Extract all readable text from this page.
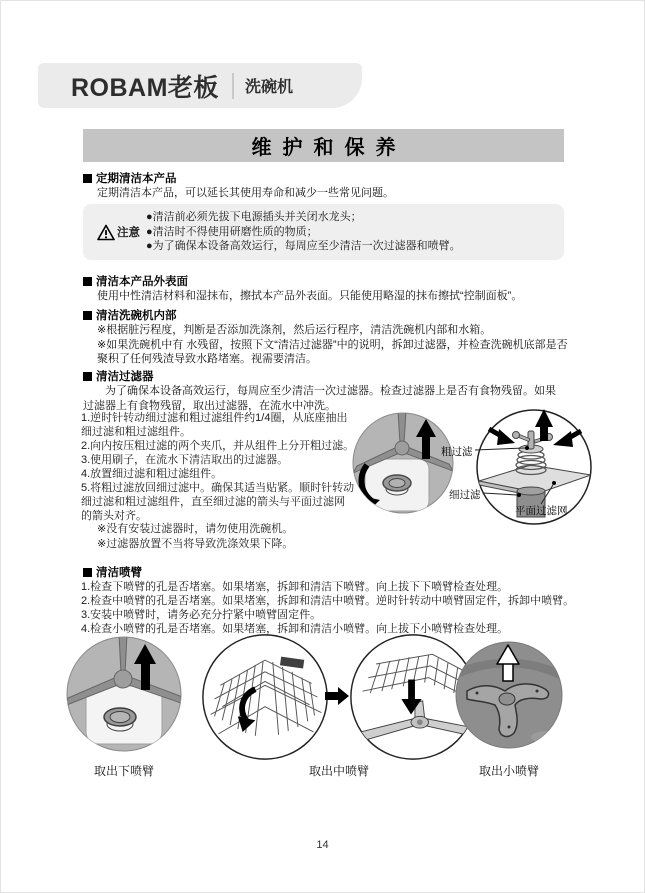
ROBAM老板 洗碗机
维护和保养
定期清洁本产品
定期清洁本产品，可以延长其使用寿命和减少一些常见问题。
注意
●清洁前必须先拔下电源插头并关闭水龙头；
●清洁时不得使用研磨性质的物质；
●为了确保本设备高效运行，每周应至少清洁一次过滤器和喷臂。
清洁本产品外表面
使用中性清洁材料和湿抹布，擦拭本产品外表面。只能使用略湿的抹布擦拭“控制面板”。
清洁洗碗机内部
※根据脏污程度，判断是否添加洗涤剂，然后运行程序，清洁洗碗机内部和水箱。
※如果洗碗机中有 水残留，按照下文“清洁过滤器”中的说明，拆卸过滤器，并检查洗碗机底部是否聚积了任何残渣导致水路堵塞。视需要清洁。
清洁过滤器
　　为了确保本设备高效运行，每周应至少清洁一次过滤器。检查过滤器上是否有食物残留。如果过滤器上有食物残留，取出过滤器，在流水中冲洗。
1.逆时针转动细过滤和粗过滤组件约1/4圈，从底座抽出细过滤和粗过滤组件。
2.向内按压粗过滤的两个夹爪，并从组件上分开粗过滤。
3.使用刷子，在流水下清洁取出的过滤器。
4.放置细过滤和粗过滤组件。
5.将粗过滤放回细过滤中。确保其适当贴紧。顺时针转动细过滤和粗过滤组件，直至细过滤的箭头与平面过滤网的箭头对齐。
粗过滤
细过滤
平面过滤网
※没有安装过滤器时，请勿使用洗碗机。
※过滤器放置不当将导致洗涤效果下降。
清洁喷臂
1.检查下喷臂的孔是否堵塞。如果堵塞，拆卸和清洁下喷臂。向上拔下下喷臂检查处理。
2.检查中喷臂的孔是否堵塞。如果堵塞，拆卸和清洁中喷臂。逆时针转动中喷臂固定件，拆卸中喷臂。
3.安装中喷臂时，请务必充分拧紧中喷臂固定件。
4.检查小喷臂的孔是否堵塞。如果堵塞，拆卸和清洁小喷臂。向上拔下小喷臂检查处理。
取出下喷臂	取出中喷臂	取出小喷臂
14
